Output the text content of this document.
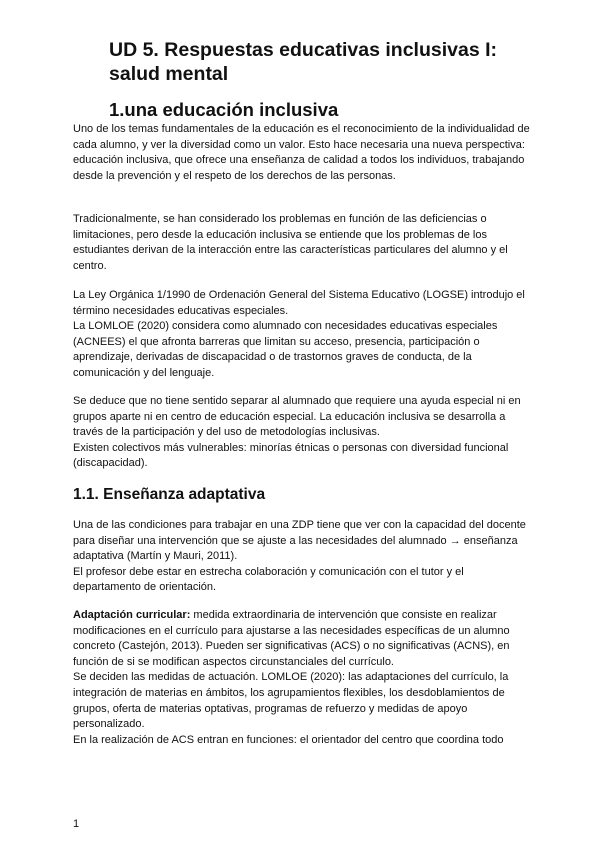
UD 5. Respuestas educativas inclusivas I: salud mental
1.una educación inclusiva

Uno de los temas fundamentales de la educación es el reconocimiento de la individualidad de cada alumno, y ver la diversidad como un valor. Esto hace necesaria una nueva perspectiva: educación inclusiva, que ofrece una enseñanza de calidad a todos los individuos, trabajando desde la prevención y el respeto de los derechos de las personas.

Tradicionalmente, se han considerado los problemas en función de las deficiencias o limitaciones, pero desde la educación inclusiva se entiende que los problemas de los estudiantes derivan de la interacción entre las características particulares del alumno y el centro.

La Ley Orgánica 1/1990 de Ordenación General del Sistema Educativo (LOGSE) introdujo el término necesidades educativas especiales.

La LOMLOE (2020) considera como alumnado con necesidades educativas especiales (ACNEES) el que afronta barreras que limitan su acceso, presencia, participación o aprendizaje, derivadas de discapacidad o de trastornos graves de conducta, de la comunicación y del lenguaje.

Se deduce que no tiene sentido separar al alumnado que requiere una ayuda especial ni en grupos aparte ni en centro de educación especial. La educación inclusiva se desarrolla a través de la participación y del uso de metodologías inclusivas.

Existen colectivos más vulnerables: minorías étnicas o personas con diversidad funcional (discapacidad).

1.1. Enseñanza adaptativa

Una de las condiciones para trabajar en una ZDP tiene que ver con la capacidad del docente para diseñar una intervención que se ajuste a las necesidades del alumnado → enseñanza adaptativa (Martín y Mauri, 2011).

El profesor debe estar en estrecha colaboración y comunicación con el tutor y el departamento de orientación.

Adaptación curricular: medida extraordinaria de intervención que consiste en realizar modificaciones en el currículo para ajustarse a las necesidades específicas de un alumno concreto (Castejón, 2013). Pueden ser significativas (ACS) o no significativas (ACNS), en función de si se modifican aspectos circunstanciales del currículo.

Se deciden las medidas de actuación. LOMLOE (2020): las adaptaciones del currículo, la integración de materias en ámbitos, los agrupamientos flexibles, los desdoblamientos de grupos, oferta de materias optativas, programas de refuerzo y medidas de apoyo personalizado.

En la realización de ACS entran en funciones: el orientador del centro que coordina todo

1
